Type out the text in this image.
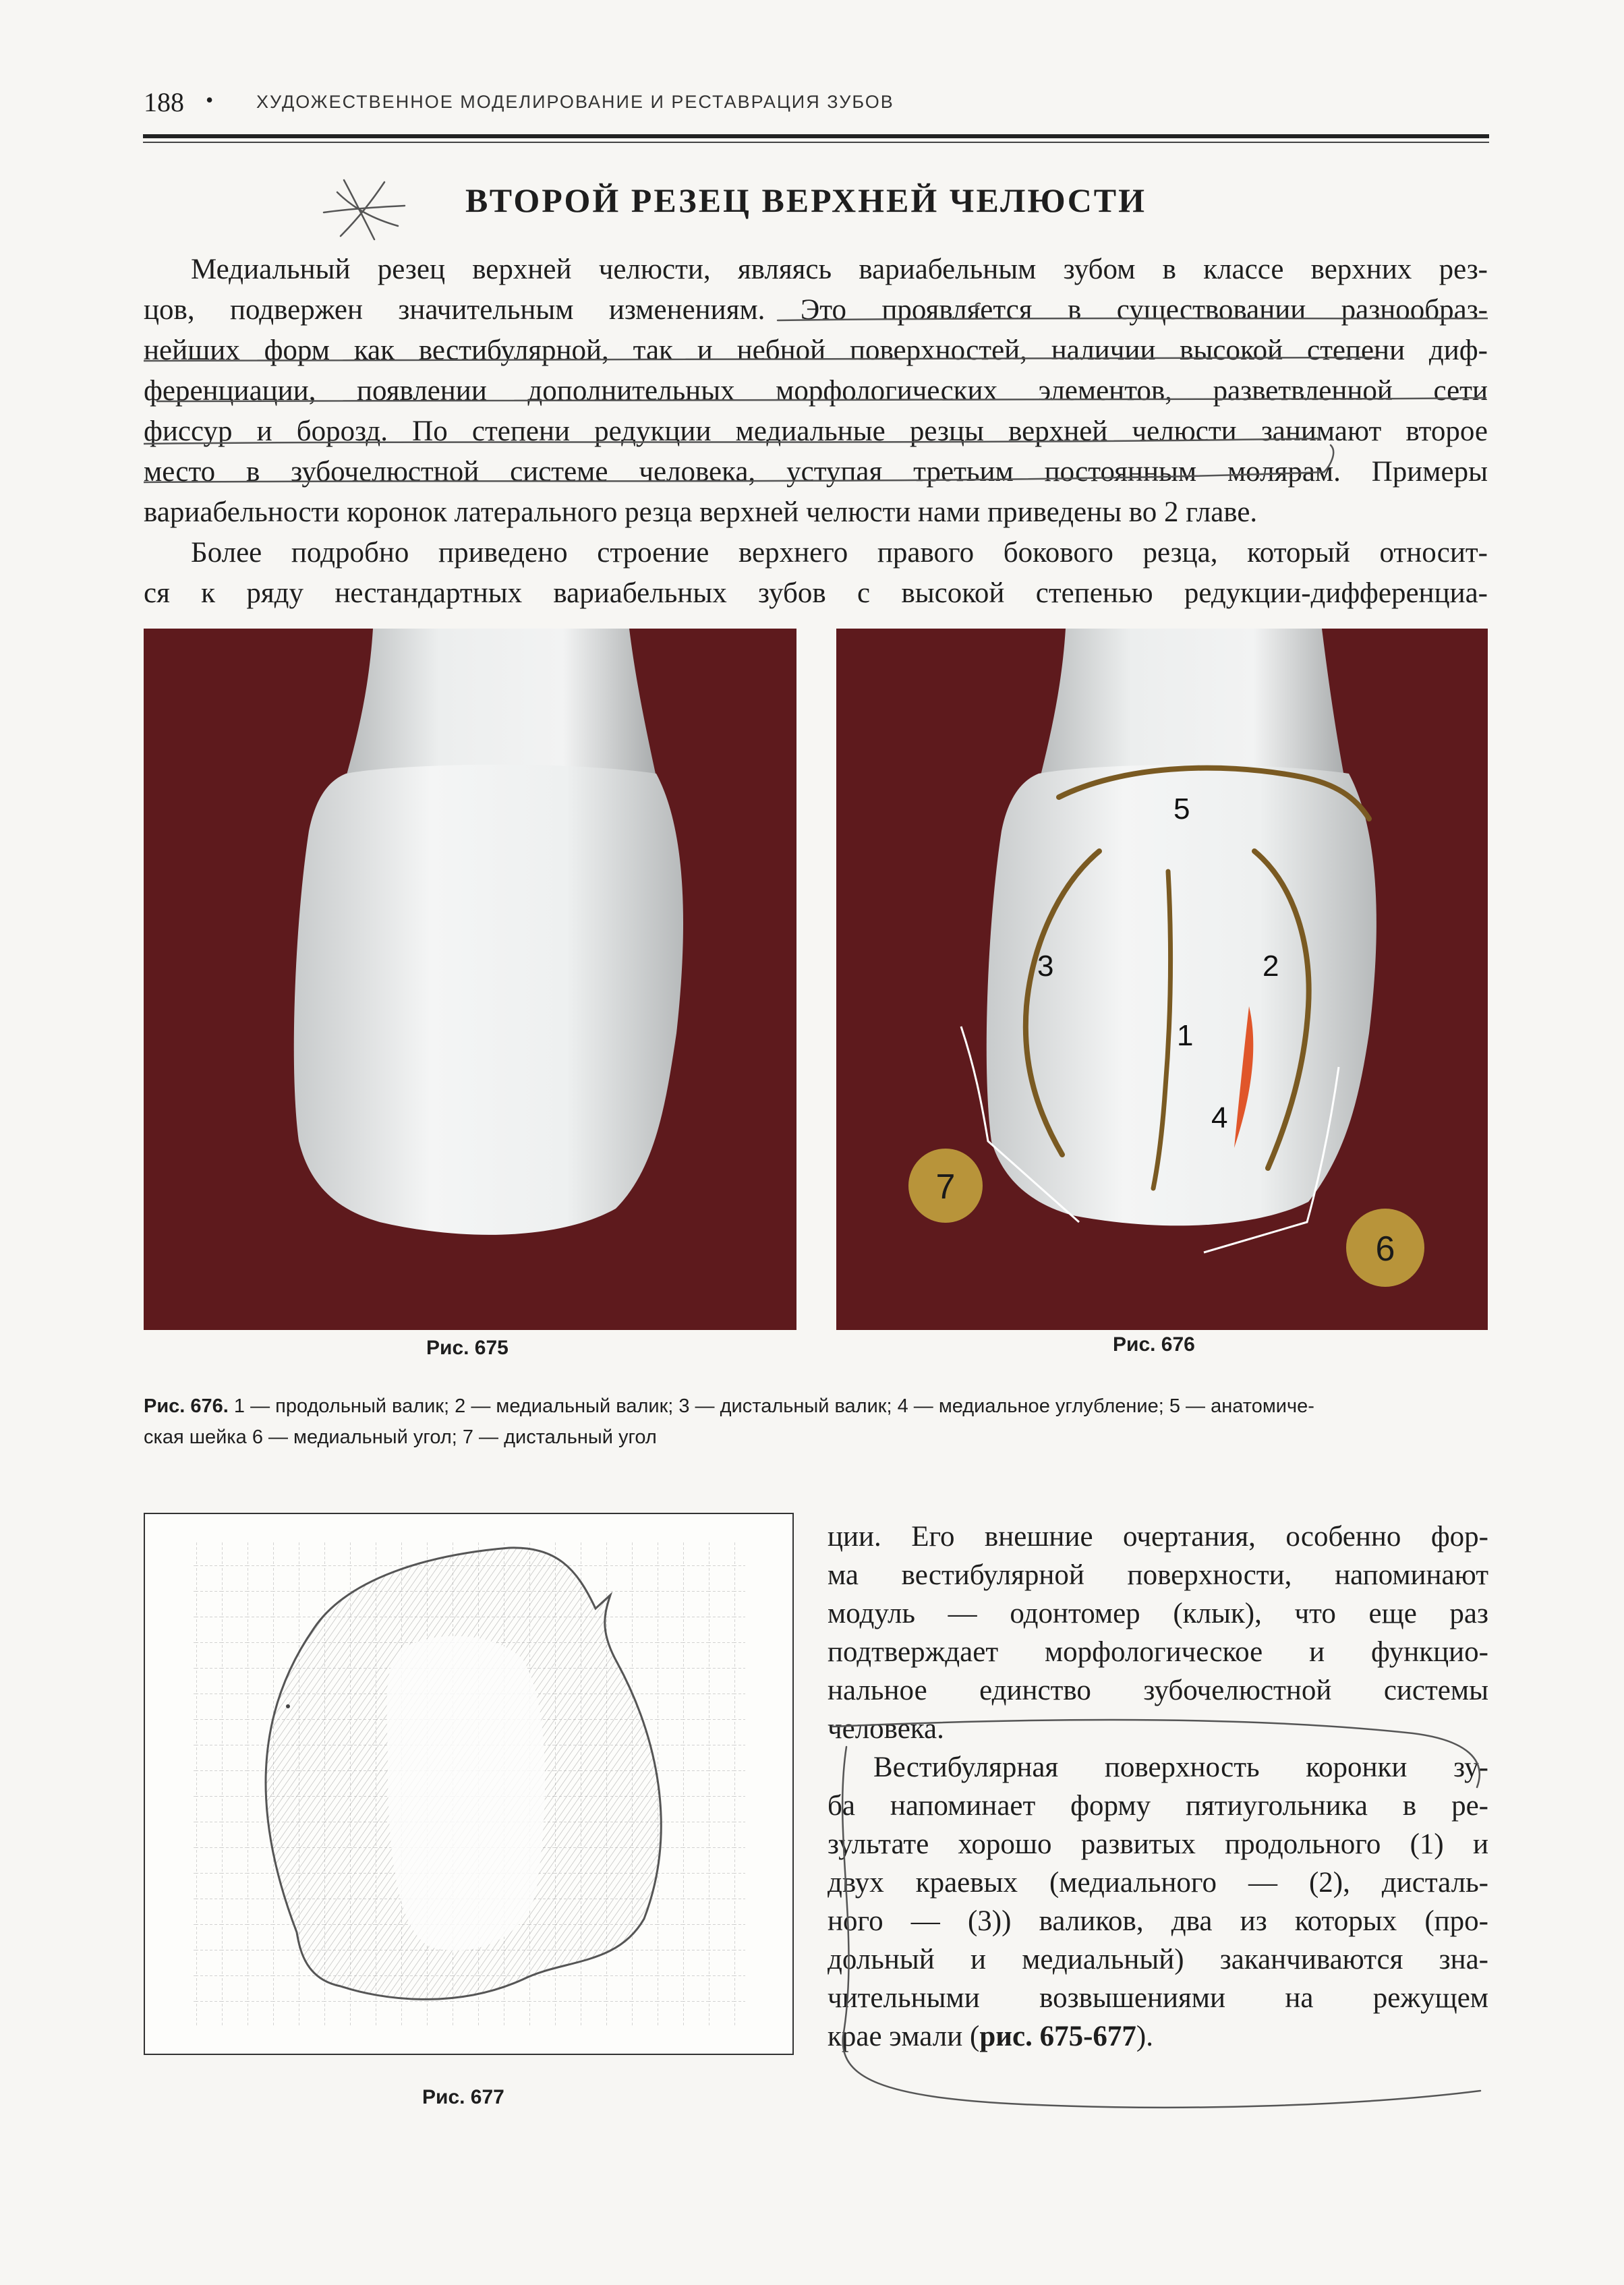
188 • ХУДОЖЕСТВЕННОЕ МОДЕЛИРОВАНИЕ И РЕСТАВРАЦИЯ ЗУБОВ
ВТОРОЙ РЕЗЕЦ ВЕРХНЕЙ ЧЕЛЮСТИ
Медиальный резец верхней челюсти, являясь вариабельным зубом в классе верхних рез-
цов, подвержен значительным изменениям. Это проявляется в существовании разнообраз-
нейших форм как вестибулярной, так и небной поверхностей, наличии высокой степени диф-
ференциации, появлении дополнительных морфологических элементов, разветвленной сети
фиссур и борозд. По степени редукции медиальные резцы верхней челюсти занимают второе
место в зубочелюстной системе человека, уступая третьим постоянным молярам. Примеры
вариабельности коронок латерального резца верхней челюсти нами приведены во 2 главе.
Более подробно приведено строение верхнего правого бокового резца, который относит-
ся к ряду нестандартных вариабельных зубов с высокой степенью редукции-дифференциа-
5
3	2
1
4
7
6
Рис. 675	Рис. 676
Рис. 676. 1 — продольный валик; 2 — медиальный валик; 3 — дистальный валик; 4 — медиальное углубление; 5 — анатомиче-
ская шейка 6 — медиальный угол; 7 — дистальный угол
Рис. 677
ции. Его внешние очертания, особенно фор-
ма вестибулярной поверхности, напоминают
модуль — одонтомер (клык), что еще раз
подтверждает морфологическое и функцио-
нальное единство зубочелюстной системы
человека.
Вестибулярная поверхность коронки зу-
ба напоминает форму пятиугольника в ре-
зультате хорошо развитых продольного (1) и
двух краевых (медиального — (2), дисталь-
ного — (3)) валиков, два из которых (про-
дольный и медиальный) заканчиваются зна-
чительными возвышениями на режущем
крае эмали (рис. 675-677).
